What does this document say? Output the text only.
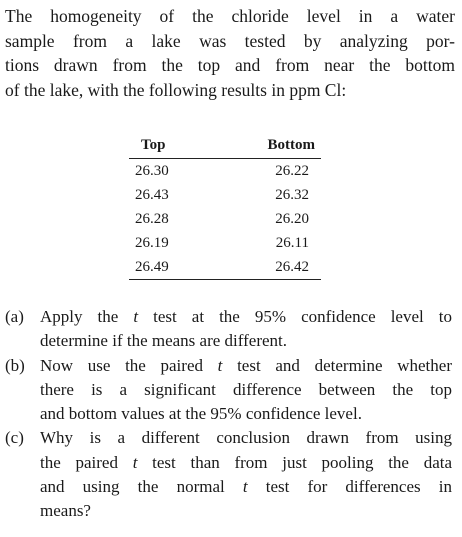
The homogeneity of the chloride level in a water
sample from a lake was tested by analyzing por-
tions drawn from the top and from near the bottom
of the lake, with the following results in ppm Cl:

Top	Bottom
26.30	26.22
26.43	26.32
26.28	26.20
26.19	26.11
26.49	26.42
(a) Apply the t test at the 95% confidence level to
determine if the means are different.
(b) Now use the paired t test and determine whether
there is a significant difference between the top
and bottom values at the 95% confidence level.
(c) Why is a different conclusion drawn from using
the paired t test than from just pooling the data
and using the normal t test for differences in
means?
